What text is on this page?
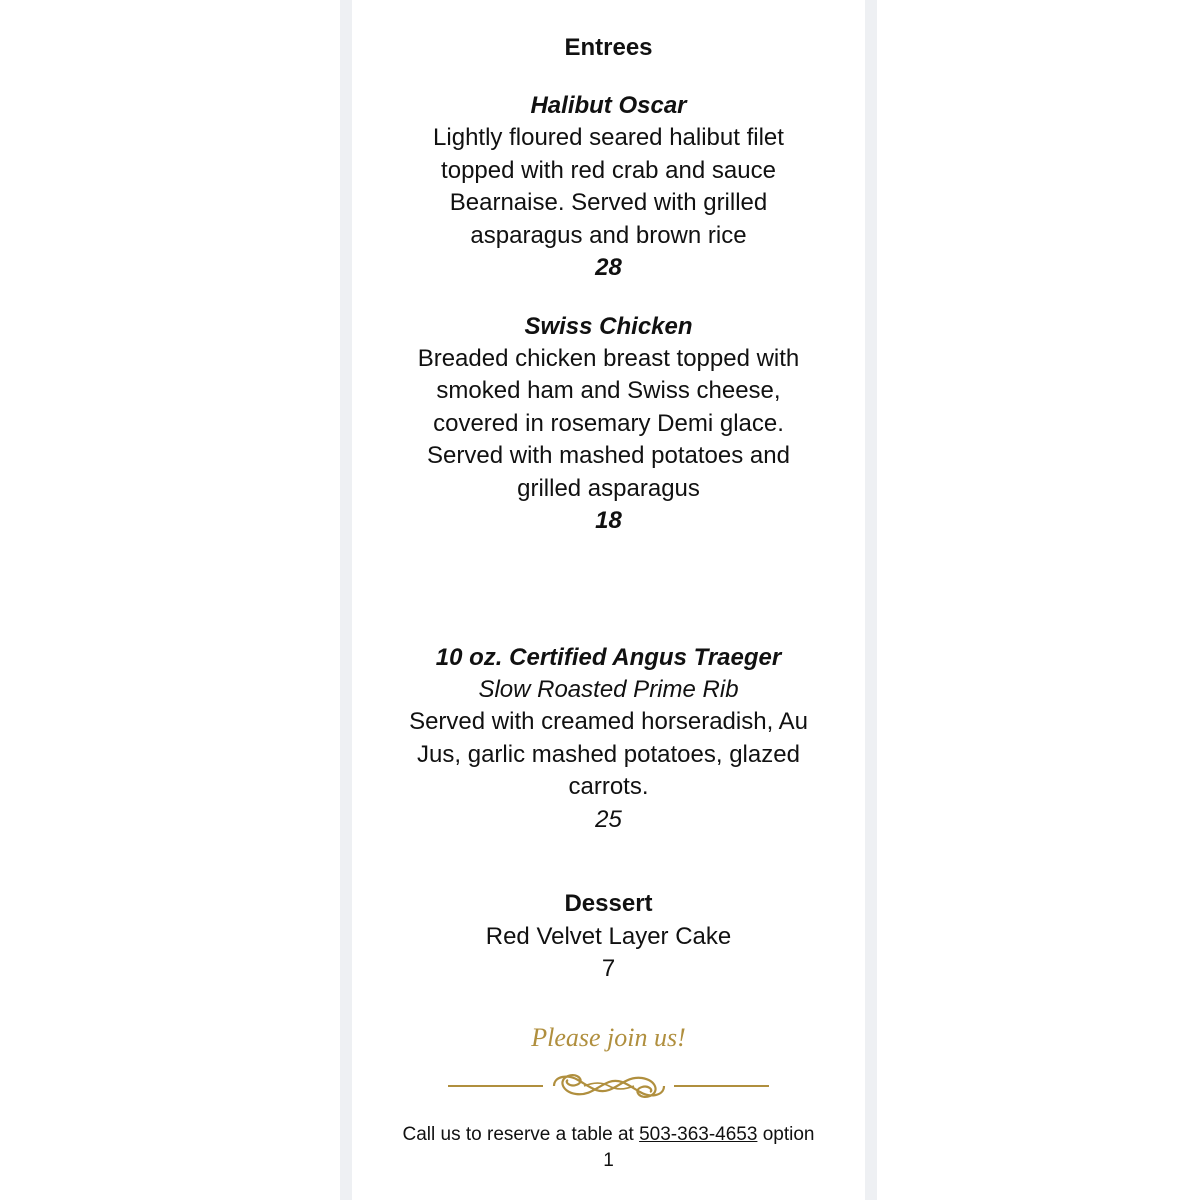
Entrees
Halibut Oscar
Lightly floured seared halibut filet
topped with red crab and sauce
Bearnaise. Served with grilled
asparagus and brown rice
28
Swiss Chicken
Breaded chicken breast topped with
smoked ham and Swiss cheese,
covered in rosemary Demi glace.
Served with mashed potatoes and
grilled asparagus
18
10 oz. Certified Angus Traeger
Slow Roasted Prime Rib
Served with creamed horseradish, Au
Jus, garlic mashed potatoes, glazed
carrots.
25
Dessert
Red Velvet Layer Cake
7
Please join us!
Call us to reserve a table at 503-363-4653 option
1
